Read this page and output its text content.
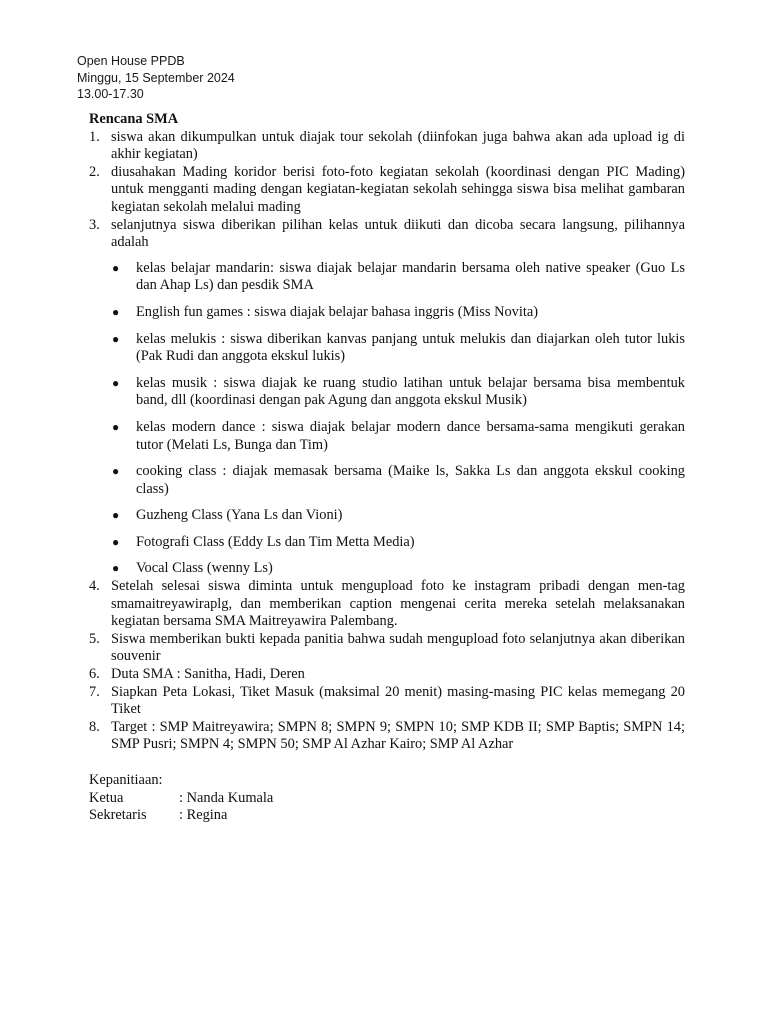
Open House PPDB
Minggu, 15 September 2024
13.00-17.30
Rencana SMA
1. siswa akan dikumpulkan untuk diajak tour sekolah (diinfokan juga bahwa akan ada upload ig di akhir kegiatan)
2. diusahakan Mading koridor berisi foto-foto kegiatan sekolah (koordinasi dengan PIC Mading) untuk mengganti mading dengan kegiatan-kegiatan sekolah sehingga siswa bisa melihat gambaran kegiatan sekolah melalui mading
3. selanjutnya siswa diberikan pilihan kelas untuk diikuti dan dicoba secara langsung, pilihannya adalah
●	kelas belajar mandarin: siswa diajak belajar mandarin bersama oleh native speaker (Guo Ls dan Ahap Ls) dan pesdik SMA
●	English fun games : siswa diajak belajar bahasa inggris (Miss Novita)
●	kelas melukis : siswa diberikan kanvas panjang untuk melukis dan diajarkan oleh tutor lukis (Pak Rudi dan anggota ekskul lukis)
●	kelas musik : siswa diajak ke ruang studio latihan untuk belajar bersama bisa membentuk band, dll (koordinasi dengan pak Agung dan anggota ekskul Musik)
●	kelas modern dance : siswa diajak belajar modern dance bersama-sama mengikuti gerakan tutor (Melati Ls, Bunga dan Tim)
●	cooking class : diajak memasak bersama (Maike ls, Sakka Ls dan anggota ekskul cooking class)
●	Guzheng Class (Yana Ls dan Vioni)
●	Fotografi Class (Eddy Ls dan Tim Metta Media)
●	Vocal Class (wenny Ls)
4. Setelah selesai siswa diminta untuk mengupload foto ke instagram pribadi dengan men-tag smamaitreyawiraplg, dan memberikan caption mengenai cerita mereka setelah melaksanakan kegiatan bersama SMA Maitreyawira Palembang.
5. Siswa memberikan bukti kepada panitia bahwa sudah mengupload foto selanjutnya akan diberikan souvenir
6. Duta SMA : Sanitha, Hadi, Deren
7. Siapkan Peta Lokasi, Tiket Masuk (maksimal 20 menit) masing-masing PIC kelas memegang 20 Tiket
8. Target : SMP Maitreyawira; SMPN 8; SMPN 9; SMPN 10; SMP KDB II; SMP Baptis; SMPN 14; SMP Pusri; SMPN 4; SMPN 50; SMP Al Azhar Kairo; SMP Al Azhar
Kepanitiaan:
Ketua	: Nanda Kumala
Sekretaris	: Regina
